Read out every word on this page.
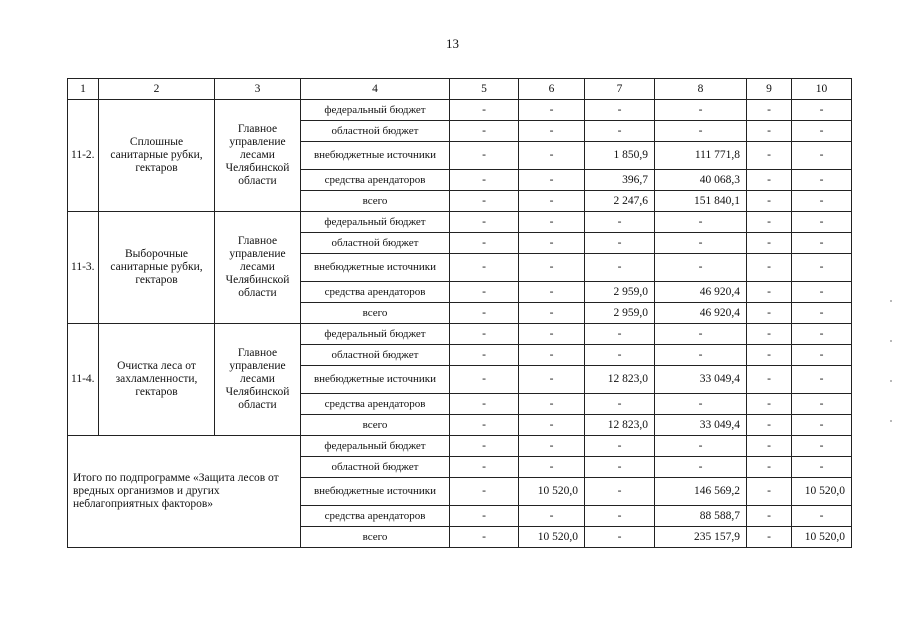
13
1	2	3	4	5	6	7	8	9	10
11-2.	Сплошные санитарные рубки, гектаров	Главное управление лесами Челябинской области	федеральный бюджет	-	-	-	-	-	-
			областной бюджет	-	-	-	-	-	-
			внебюджетные источники	-	-	1 850,9	111 771,8	-	-
			средства арендаторов	-	-	396,7	40 068,3	-	-
			всего	-	-	2 247,6	151 840,1	-	-
11-3.	Выборочные санитарные рубки, гектаров	Главное управление лесами Челябинской области	федеральный бюджет	-	-	-	-	-	-
			областной бюджет	-	-	-	-	-	-
			внебюджетные источники	-	-	-	-	-	-
			средства арендаторов	-	-	2 959,0	46 920,4	-	-
			всего	-	-	2 959,0	46 920,4	-	-
11-4.	Очистка леса от захламленности, гектаров	Главное управление лесами Челябинской области	федеральный бюджет	-	-	-	-	-	-
			областной бюджет	-	-	-	-	-	-
			внебюджетные источники	-	-	12 823,0	33 049,4	-	-
			средства арендаторов	-	-	-	-	-	-
			всего	-	-	12 823,0	33 049,4	-	-
Итого по подпрограмме «Защита лесов от вредных организмов и других неблагоприятных факторов»			федеральный бюджет	-	-	-	-	-	-
			областной бюджет	-	-	-	-	-	-
			внебюджетные источники	-	10 520,0	-	146 569,2	-	10 520,0
			средства арендаторов	-	-	-	88 588,7	-	-
			всего	-	10 520,0	-	235 157,9	-	10 520,0
